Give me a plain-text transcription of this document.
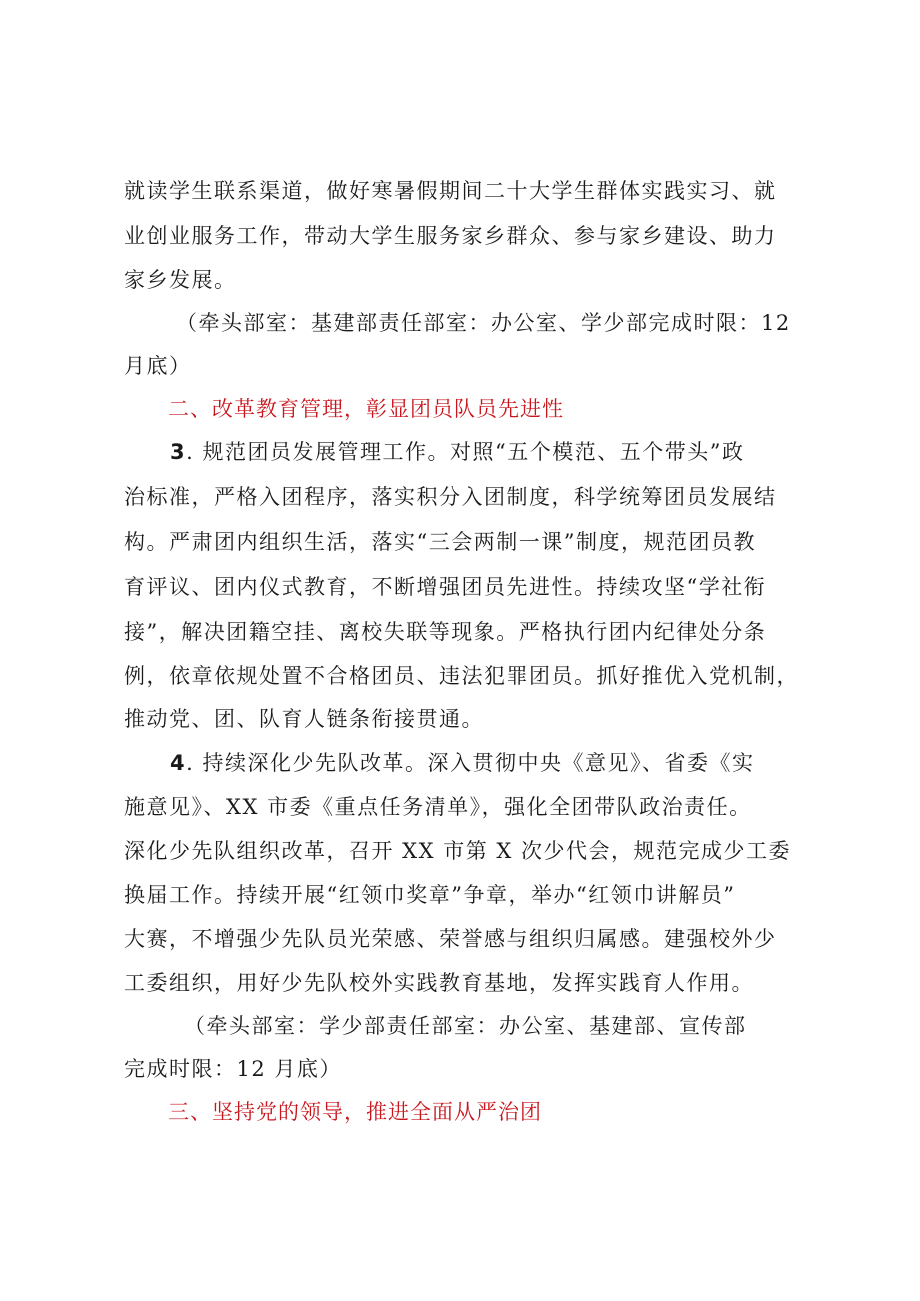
就读学生联系渠道，做好寒暑假期间二十大学生群体实践实习、就
业创业服务工作，带动大学生服务家乡群众、参与家乡建设、助力
家乡发展。
（牵头部室：基建部责任部室：办公室、学少部完成时限：12
月底）
二、改革教育管理，彰显团员队员先进性
3. 规范团员发展管理工作。对照“五个模范、五个带头”政
治标准，严格入团程序，落实积分入团制度，科学统筹团员发展结
构。严肃团内组织生活，落实“三会两制一课”制度，规范团员教
育评议、团内仪式教育，不断增强团员先进性。持续攻坚“学社衔
接”，解决团籍空挂、离校失联等现象。严格执行团内纪律处分条
例，依章依规处置不合格团员、违法犯罪团员。抓好推优入党机制，
推动党、团、队育人链条衔接贯通。
4. 持续深化少先队改革。深入贯彻中央《意见》、省委《实
施意见》、XX 市委《重点任务清单》，强化全团带队政治责任。
深化少先队组织改革，召开 XX 市第 X 次少代会，规范完成少工委
换届工作。持续开展“红领巾奖章”争章，举办“红领巾讲解员”
大赛，不增强少先队员光荣感、荣誉感与组织归属感。建强校外少
工委组织，用好少先队校外实践教育基地，发挥实践育人作用。
（牵头部室：学少部责任部室：办公室、基建部、宣传部
完成时限：12 月底）
三、坚持党的领导，推进全面从严治团
